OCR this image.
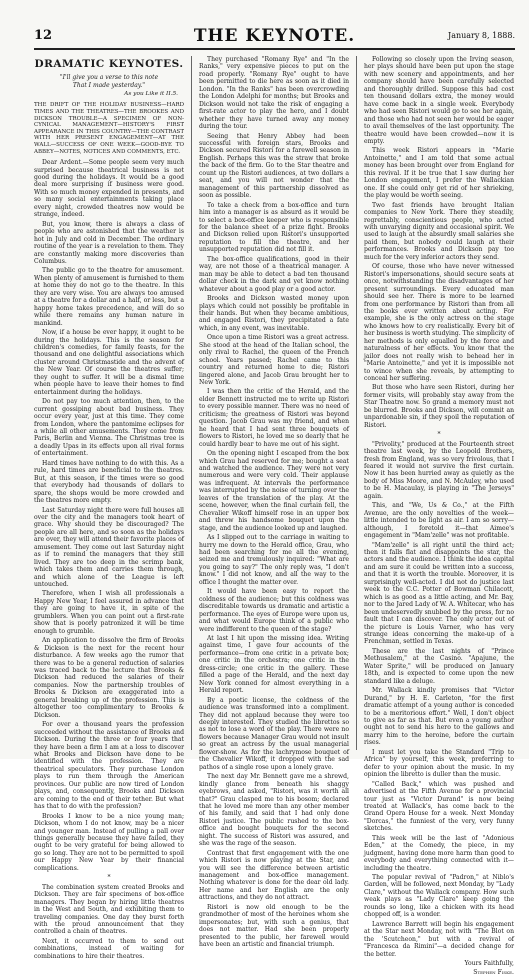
12	THE KEYNOTE.	January 8, 1888.
DRAMATIC KEYNOTES.
"I'll give you a verse to this note
That I made yesterday."
As you Like it II.5.
THE DRIFT OF THE HOLIDAY BUSINESS—HARD TIMES AND THE THEATRES—THE BROOKES AND DICKSON TROUBLE—A SPECIMEN OF NON-CYNICAL MANAGEMENT—HISTORY'S FIRST APPEARANCE IN THIS COUNTRY—THE CONTRAST WITH HER PRESENT ENGAGEMENT—AT THE WALL—SUCCESS OF ONE WEEK—GOOD-BYE TO ABBEY—NOTES, NOTICES AND COMMENTS, ETC.

Dear Ardent.—Some people seem very much surprised because theatrical business is not good during the holidays. It would be a good deal more surprising if business were good. With so much money expended in presents, and so many social entertainments taking place every night, crowded theatres now would be strange, indeed.

But, you know, there is always a class of people who are astonished that the weather is hot in July and cold in December. The ordinary routine of the year is a revelation to them. They are constantly making more discoveries than Columbus.

The public go to the theatre for amusement. When plenty of amusement is furnished to them at home they do not go to the theatre. In this they are very wise. You are always too amused at a theatre for a dollar and a half, or less, but a happy home takes precedence, and will do so while there remains any human nature in mankind.

Now, if a house be ever happy, it ought to be during the holidays. This is the season for children's comedies, for family feasts, for the thousand and one delightful associations which cluster around Christmastide and the advent of the New Year. Of course the theatres suffer; they ought to suffer. It will be a dismal time when people have to leave their homes to find entertainment during the holidays.

Do not pay too much attention, then, to the current gossiping about bad business. They occur every year, just at this time. They come from London, where the pantomime eclipses for a while all other amusements. They come from Paris, Berlin and Vienna. The Christmas tree is a deadly Upas in its effects upon all rival forms of entertainment.

Hard times have nothing to do with this. As a rule, hard times are beneficial to the theatres. But, at this season, if the times were so good that everybody had thousands of dollars to spare, the shops would be more crowded and the theatres more empty.

Last Saturday night there were full houses all over the city and the managers took heart of grace. Why should they be discouraged? The people are all here, and so soon as the holidays are over, they will attend their favorite places of amusement. They come out last Saturday night as if to remind the managers that they still lived. They are too deep in the scrimp bank, which takes them and carries them through, and which alone of the League is left untouched.

Therefore, when I wish all professionals a Happy New Year, I feel assured in advance that they are going to have it, in spite of the grumblers. When you can point out a first-rate show that is poorly patronized it will be time enough to grumble.

An application to dissolve the firm of Brooks & Dickson is the next for the recent hour disturbance. A few weeks ago the rumor that there was to be a general reduction of salaries was traced back to the lecture that Brooks & Dickson had reduced the salaries of their companies. Now the partnership troubles of Brooks & Dickson are exaggerated into a general breaking up of the profession. This is altogether too complimentary to Brooks & Dickson.

For over a thousand years the profession succeeded without the assistance of Brooks and Dickson. During the three or four years that they have been a firm I am at a loss to discover what Brooks and Dickson have done to be identified with the profession. They are theatrical speculators. They purchase London plays to run them through the American provinces. Our public are now tired of London plays, and, consequently, Brooks and Dickson are coming to the end of their tether. But what has that to do with the profession?

Brooks I know to be a nice young man; Dickson, whom I do not know, may be a nicer and younger man. Instead of pulling a pall over things generally because they have failed, they ought to be very grateful for being allowed to go so long. They are not to be permitted to spoil our Happy New Year by their financial complications.

*

The combination system created Brooks and Dickson. They are fair specimens of box-office managers. They began by hiring little theatres in the West and South, and exhibiting them to traveling companies. One day they burst forth with the proud announcement that they controlled a chain of theatres.

Next, it occurred to them to send out combinations, instead of waiting for combinations to hire their theatres.

They purchased "Romany Rye" and "In the Ranks," very expensive pieces to put on the road properly. "Romany Rye" ought to have been permitted to die here as soon as it died in London. "In the Ranks" has been overcrowding the London Adelphi for months; but Brooks and Dickson would not take the risk of engaging a first-rate actor to play the hero, and I doubt whether they have turned away any money during the tour.

Seeing that Henry Abbey had been successful with foreign stars, Brooks and Dickson secured Ristori for a farewell season in English. Perhaps this was the straw that broke the back of the firm. Go to the Star theatre and count up the Ristori audiences, at two dollars a seat, and you will not wonder that the management of this partnership dissolved as soon as possible.

To take a check from a box-office and turn him into a manager is as absurd as it would be to select a box-office keeper who is responsible for the balance sheet of a prize fight. Brooks and Dickson relied upon Ristori's unsupported reputation to fill the theatre, and her unsupported reputation did not fill it.

The box-office qualifications, good in their way, are not those of a theatrical manager. A man may be able to detect a bad ten thousand dollar check in the dark and yet know nothing whatever about a good play or a good actor.

Brooks and Dickson wasted money upon plays which could not possibly be profitable in their hands. But when they became ambitious, and engaged Ristori, they precipitated a fate which, in any event, was inevitable.

Once upon a time Ristori was a great actress. She stood at the head of the Italian school, the only rival to Rachel, the queen of the French school. Years passed; Rachel came to this country and returned home to die; Ristori lingered alone, and Jacob Grau brought her to New York.

I was then the critic of the Herald, and the elder Bennett instructed me to write up Ristori to every possible manner. There was no need of criticism; the greatness of Ristori was beyond question. Jacob Grau was my friend, and when he heard that I had sent three bouquets of flowers to Ristori, he loved me so dearly that he could hardly bear to have me out of his sight.

On the opening night I escaped from the box which Grau had reserved for me; bought a seat and watched the audience. They were not very numerous and were very cold. Their applause was infrequent. At intervals the performance was interrupted by the noise of turning over the leaves of the translation of the play. At the scene, however, when the final curtain fell, the Chevalier Wikoff himself rose in an upper box and threw his handsome bouquet upon the stage, and the audience looked up and laughed.

As I slipped out to the carriage in waiting to hurry me down to the Herald office, Grau, who had been searching for me all the evening, seized me and tremulously inquired: "What are you going to say?" The only reply was, "I don't know." I did not know, and all the way to the office I thought the matter over.

It would have been easy to report the coldness of the audience; but this coldness was discreditable towards us dramatic and artistic a performance. The eyes of Europe were upon us, and what would Europe think of a public who were indifferent to the queen of the stage?

At last I hit upon the missing idea. Writing against time, I gave four accounts of the performance—from one critic in a private box; one critic in the orchestra; one critic in the dress-circle; one critic in the gallery. These filled a page of the Herald, and the next day New York conned for almost everything in a Herald report.

By a poetic license, the coldness of the audience was transformed into a compliment. They did not applaud because they were too deeply interested. They studied the librettos so as not to lose a word of the play. There were no flowers because Manager Grau would not insult so great an actress by the usual managerial flower-show. As for the lachrymose bouquet of the Chevalier Wikoff, it dropped with the sad pathos of a single rose upon a lonely grave.

The next day Mr. Bennett gave me a shrewd, kindly glance from beneath his shaggy eyebrows, and asked, "Ristori, was it worth all that?" Grau clasped me to his bosom; declared that he loved me more than any other member of his family, and said that I had only done Ristori justice. The public rushed to the box-office and bought bouquets for the second night. The success of Ristori was assured, and she was the rage of the season.

Contrast that first engagement with the one which Ristori is now playing at the Star, and you will see the difference between artistic management and box-office management. Nothing whatever is done for the dear old lady. Her name and her English are the only attractions, and they do not attract.

Ristori is now old enough to be the grandmother of most of the heroines whom she impersonates; but, with such a genius, that does not matter. Had she been properly presented to the public, her farewell would have been an artistic and financial triumph.

Following so closely upon the Irving season, her plays should have been put upon the stage with new scenery and appointments, and her company should have been carefully selected and thoroughly drilled. Suppose this had cost ten thousand dollars extra, the money would have come back in a single week. Everybody who had seen Ristori would go to see her again, and those who had not seen her would be eager to avail themselves of the last opportunity. The theatre would have been crowded—now it is empty.

This week Ristori appears in "Marie Antoinette," and I am told that some actual money has been brought over from England for this revival. If it be true that I saw during her London engagement, I prefer the Wallackian one. If she could only get rid of her shrieking, the play would be worth seeing.

Two fast friends have brought Italian companies to New York. There they steadily, regrettably, conscientious people, who acted with unvarying dignity and occasional spirit. We used to laugh at the absurdly small salaries she paid them, but nobody could laugh at their performances. Brooks and Dickson pay too much for the very inferior actors they send.

Of course, those who have never witnessed Ristori's impersonations, should secure seats at once, notwithstanding the disadvantages of her present surroundings. Every educated man should see her. There is more to be learned from one performance by Ristori than from all the books ever written about acting. For example, she is the only actress on the stage who knows how to cry realistically. Every bit of her business is worth studying. The simplicity of her methods is only equalled by the force and naturalness of her effects. You know that the jailor does not really wish to behead her in "Marie Antoinette," and yet it is impossible not to wince when she reveals, by attempting to conceal her suffering.

But those who have seen Ristori, during her former visits, will probably stay away from the Star Theatre now. So grand a memory must not be blurred. Brooks and Dickson, will commit an unpardonable sin, if they spoil the reputation of Ristori.

*

"Privolity," produced at the Fourteenth street theatre last week, by the Leopold Brothers, fresh from England, was so very frivolous, that I feared it would not survive the first curtain. Now it has been hurried away as quietly as the body of Miss Moore, and N. McAuley, who used to be H. Macaulay, is playing in "The Jerseys" again.

This, and "We, Us & Co.," at the Fifth Avenue, are the only novelties of the week—little intended to be light as air. I am so sorry—although, I foretold it—that Aimee's engagement in "Mam'zelle" was not profitable.

"Mam'zelle" is all right until the third act; then it falls flat and disappoints the star, the actors and the audience. I think the idea capital and am sure it could be written into a success, and that it is worth the trouble. Moreover, it is surprisingly well-acted. I did not do justice last week to the C.C. Potter of Bowman Chilacott, which is as good as a little acting, and Mr. Bay, nor to the Jared Lady of W. A. Whitecar, who has been undeservedly snubbed by the press, for no fault that I can discover. The only actor out of the picture is Louis Varner, who has very strange ideas concerning the make-up of a Frenchman, settled in Texas.

These are the last nights of "Prince Methusalem," at the Casino. "Apajune, the Water Sprite," will be produced on January 18th, and is expected to come upon the new standard like a deluge.

Mr. Wallack kindly promises that "Victor Durand," by H. E. Carleton, "for the first dramatic attempt of a young author is conceded to be a meritorious effort." Well, I don't object to give as far as that. But even a young author ought not to send his hero to the gallows and marry him to the heroine, before the curtain rises.

I must let you take the Standard "Trip to Africa" by yourself, this week, preferring to defer to your opinion about the music. In my opinion the libretto is duller than the music.

"Called Back," which was pushed and advertised at the Fifth Avenue for a provincial tour just as "Victor Durand" is now being treated at Wallack's, has come back to the Grand Opera House for a week. Next Monday "Dorcas," the funniest of the very, very funny sketches.

This week will be the last of "Adonious Eden," at the Comedy, the piece, in my judgment, having done more harm than good to everybody and everything connected with it—including the theatre.

The popular revival of "Padron," at Niblo's Garden, will be followed, next Monday, by "Lady Clare," without the Wallack company. How such weak plays as "Lady Clare" keep going the rounds so long, like a chicken with its head chopped off, is a wonder.

Lawrence Barrett will begin his engagement at the Star next Monday, not with "The Blot on the 'Scutcheon," but with a revival of "Francesca da Rimini"—a decided change for the better.

Yours Faithfully,
Stephen Fiske.
